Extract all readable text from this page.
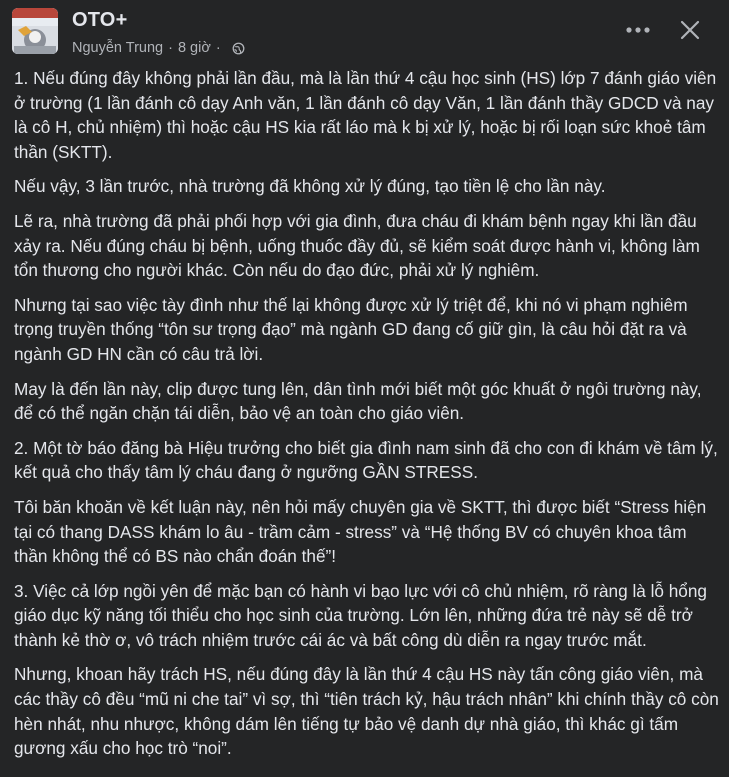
OTO+
Nguyễn Trung · 8 giờ ·

1. Nếu đúng đây không phải lần đầu, mà là lần thứ 4 cậu học sinh (HS) lớp 7 đánh giáo viên ở trường (1 lần đánh cô dạy Anh văn, 1 lần đánh cô dạy Văn, 1 lần đánh thầy GDCD và nay là cô H, chủ nhiệm) thì hoặc cậu HS kia rất láo mà k bị xử lý, hoặc bị rối loạn sức khoẻ tâm thần (SKTT).

Nếu vậy, 3 lần trước, nhà trường đã không xử lý đúng, tạo tiền lệ cho lần này.

Lẽ ra, nhà trường đã phải phối hợp với gia đình, đưa cháu đi khám bệnh ngay khi lần đầu xảy ra. Nếu đúng cháu bị bệnh, uống thuốc đầy đủ, sẽ kiểm soát được hành vi, không làm tổn thương cho người khác. Còn nếu do đạo đức, phải xử lý nghiêm.

Nhưng tại sao việc tày đình như thế lại không được xử lý triệt để, khi nó vi phạm nghiêm trọng truyền thống “tôn sư trọng đạo” mà ngành GD đang cố giữ gìn, là câu hỏi đặt ra và ngành GD HN cần có câu trả lời.

May là đến lần này, clip được tung lên, dân tình mới biết một góc khuất ở ngôi trường này, để có thể ngăn chặn tái diễn, bảo vệ an toàn cho giáo viên.

2. Một tờ báo đăng bà Hiệu trưởng cho biết gia đình nam sinh đã cho con đi khám về tâm lý, kết quả cho thấy tâm lý cháu đang ở ngưỡng GẦN STRESS.

Tôi băn khoăn về kết luận này, nên hỏi mấy chuyên gia về SKTT, thì được biết “Stress hiện tại có thang DASS khám lo âu - trầm cảm - stress” và “Hệ thống BV có chuyên khoa tâm thần không thể có BS nào chẩn đoán thế”!

3. Việc cả lớp ngồi yên để mặc bạn có hành vi bạo lực với cô chủ nhiệm, rõ ràng là lỗ hổng giáo dục kỹ năng tối thiểu cho học sinh của trường. Lớn lên, những đứa trẻ này sẽ dễ trở thành kẻ thờ ơ, vô trách nhiệm trước cái ác và bất công dù diễn ra ngay trước mắt.

Nhưng, khoan hãy trách HS, nếu đúng đây là lần thứ 4 cậu HS này tấn công giáo viên, mà các thầy cô đều “mũ ni che tai” vì sợ, thì “tiên trách kỷ, hậu trách nhân” khi chính thầy cô còn hèn nhát, nhu nhược, không dám lên tiếng tự bảo vệ danh dự nhà giáo, thì khác gì tấm gương xấu cho học trò “noi”.
